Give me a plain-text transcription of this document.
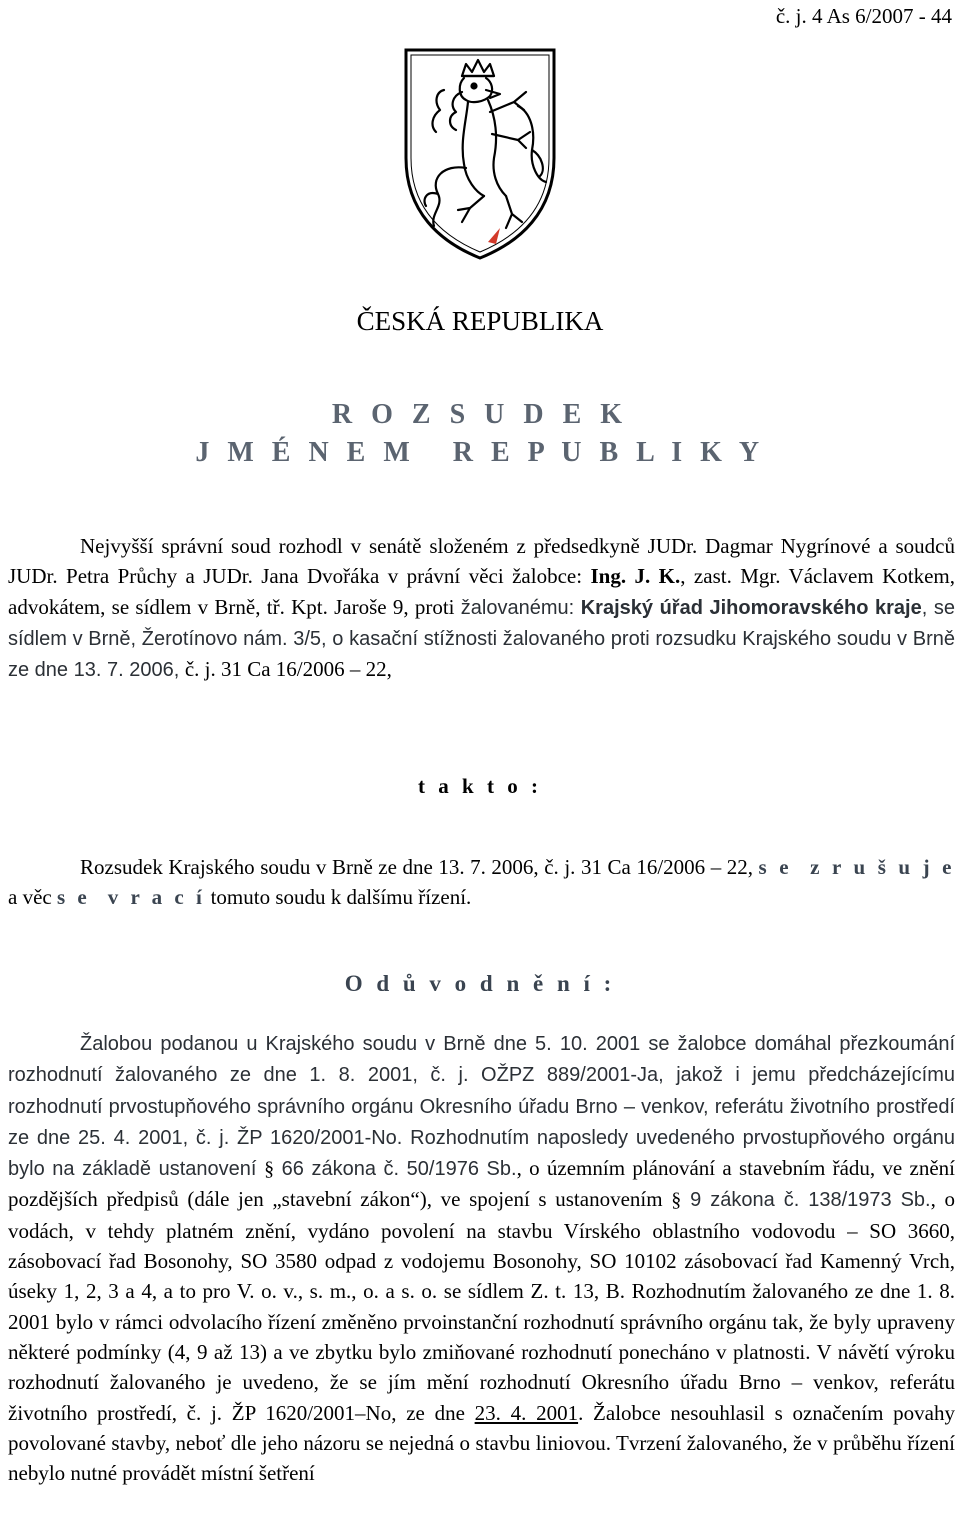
č. j. 4 As 6/2007 - 44
ČESKÁ REPUBLIKA
R O Z S U D E K
J M É N E M   R E P U B L I K Y

Nejvyšší správní soud rozhodl v senátě složeném z předsedkyně JUDr. Dagmar Nygrínové a soudců JUDr. Petra Průchy a JUDr. Jana Dvořáka v právní věci žalobce: Ing. J. K., zast. Mgr. Václavem Kotkem, advokátem, se sídlem v Brně, tř. Kpt. Jaroše 9, proti žalovanému: Krajský úřad Jihomoravského kraje, se sídlem v Brně, Žerotínovo nám. 3/5, o kasační stížnosti žalovaného proti rozsudku Krajského soudu v Brně ze dne 13. 7. 2006, č. j. 31 Ca 16/2006 – 22,

t a k t o :

Rozsudek Krajského soudu v Brně ze dne 13. 7. 2006, č. j. 31 Ca 16/2006 – 22, s e  z r u š u j e a věc s e  v r a c í tomuto soudu k dalšímu řízení.

O d ů v o d n ě n í :

Žalobou podanou u Krajského soudu v Brně dne 5. 10. 2001 se žalobce domáhal přezkoumání rozhodnutí žalovaného ze dne 1. 8. 2001, č. j. OŽPZ 889/2001-Ja, jakož i jemu předcházejícímu rozhodnutí prvostupňového správního orgánu Okresního úřadu Brno – venkov, referátu životního prostředí ze dne 25. 4. 2001, č. j. ŽP 1620/2001-No. Rozhodnutím naposledy uvedeného prvostupňového orgánu bylo na základě ustanovení § 66 zákona č. 50/1976 Sb., o územním plánování a stavebním řádu, ve znění pozdějších předpisů (dále jen „stavební zákon“), ve spojení s ustanovením § 9 zákona č. 138/1973 Sb., o vodách, v tehdy platném znění, vydáno povolení na stavbu Vírského oblastního vodovodu – SO 3660, zásobovací řad Bosonohy, SO 3580 odpad z vodojemu Bosonohy, SO 10102 zásobovací řad Kamenný Vrch, úseky 1, 2, 3 a 4, a to pro V. o. v., s. m., o. a s. o. se sídlem Z. t. 13, B. Rozhodnutím žalovaného ze dne 1. 8. 2001 bylo v rámci odvolacího řízení změněno prvoinstanční rozhodnutí správního orgánu tak, že byly upraveny některé podmínky (4, 9 až 13) a ve zbytku bylo zmiňované rozhodnutí ponecháno v platnosti. V návětí výroku rozhodnutí žalovaného je uvedeno, že se jím mění rozhodnutí Okresního úřadu Brno – venkov, referátu životního prostředí, č. j. ŽP 1620/2001–No, ze dne 23. 4. 2001. Žalobce nesouhlasil s označením povahy povolované stavby, neboť dle jeho názoru se nejedná o stavbu liniovou. Tvrzení žalovaného, že v průběhu řízení nebylo nutné provádět místní šetření
